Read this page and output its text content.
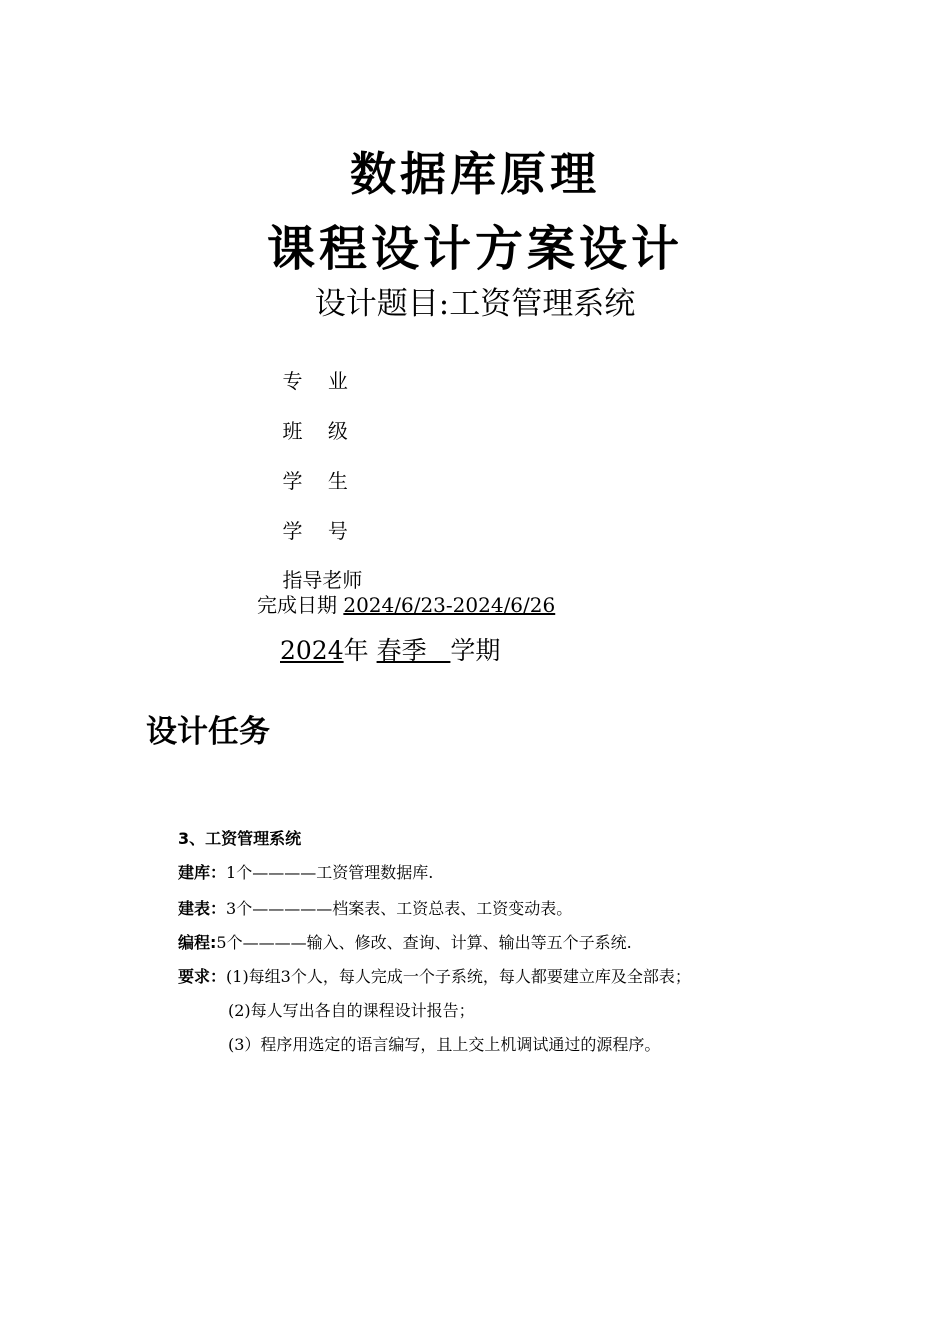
数据库原理
课程设计方案设计
设计题目:工资管理系统

专    业

班    级

学    生

学    号

指导老师

完成日期 2024/6/23-2024/6/26
2024年 春季   学期
设计任务
3、工资管理系统
建库：1个————工资管理数据库.
建表：3个—————档案表、工资总表、工资变动表。
编程:5个————输入、修改、查询、计算、输出等五个子系统.
要求：(1)每组3个人，每人完成一个子系统，每人都要建立库及全部表；
(2)每人写出各自的课程设计报告；
(3）程序用选定的语言编写，且上交上机调试通过的源程序。
